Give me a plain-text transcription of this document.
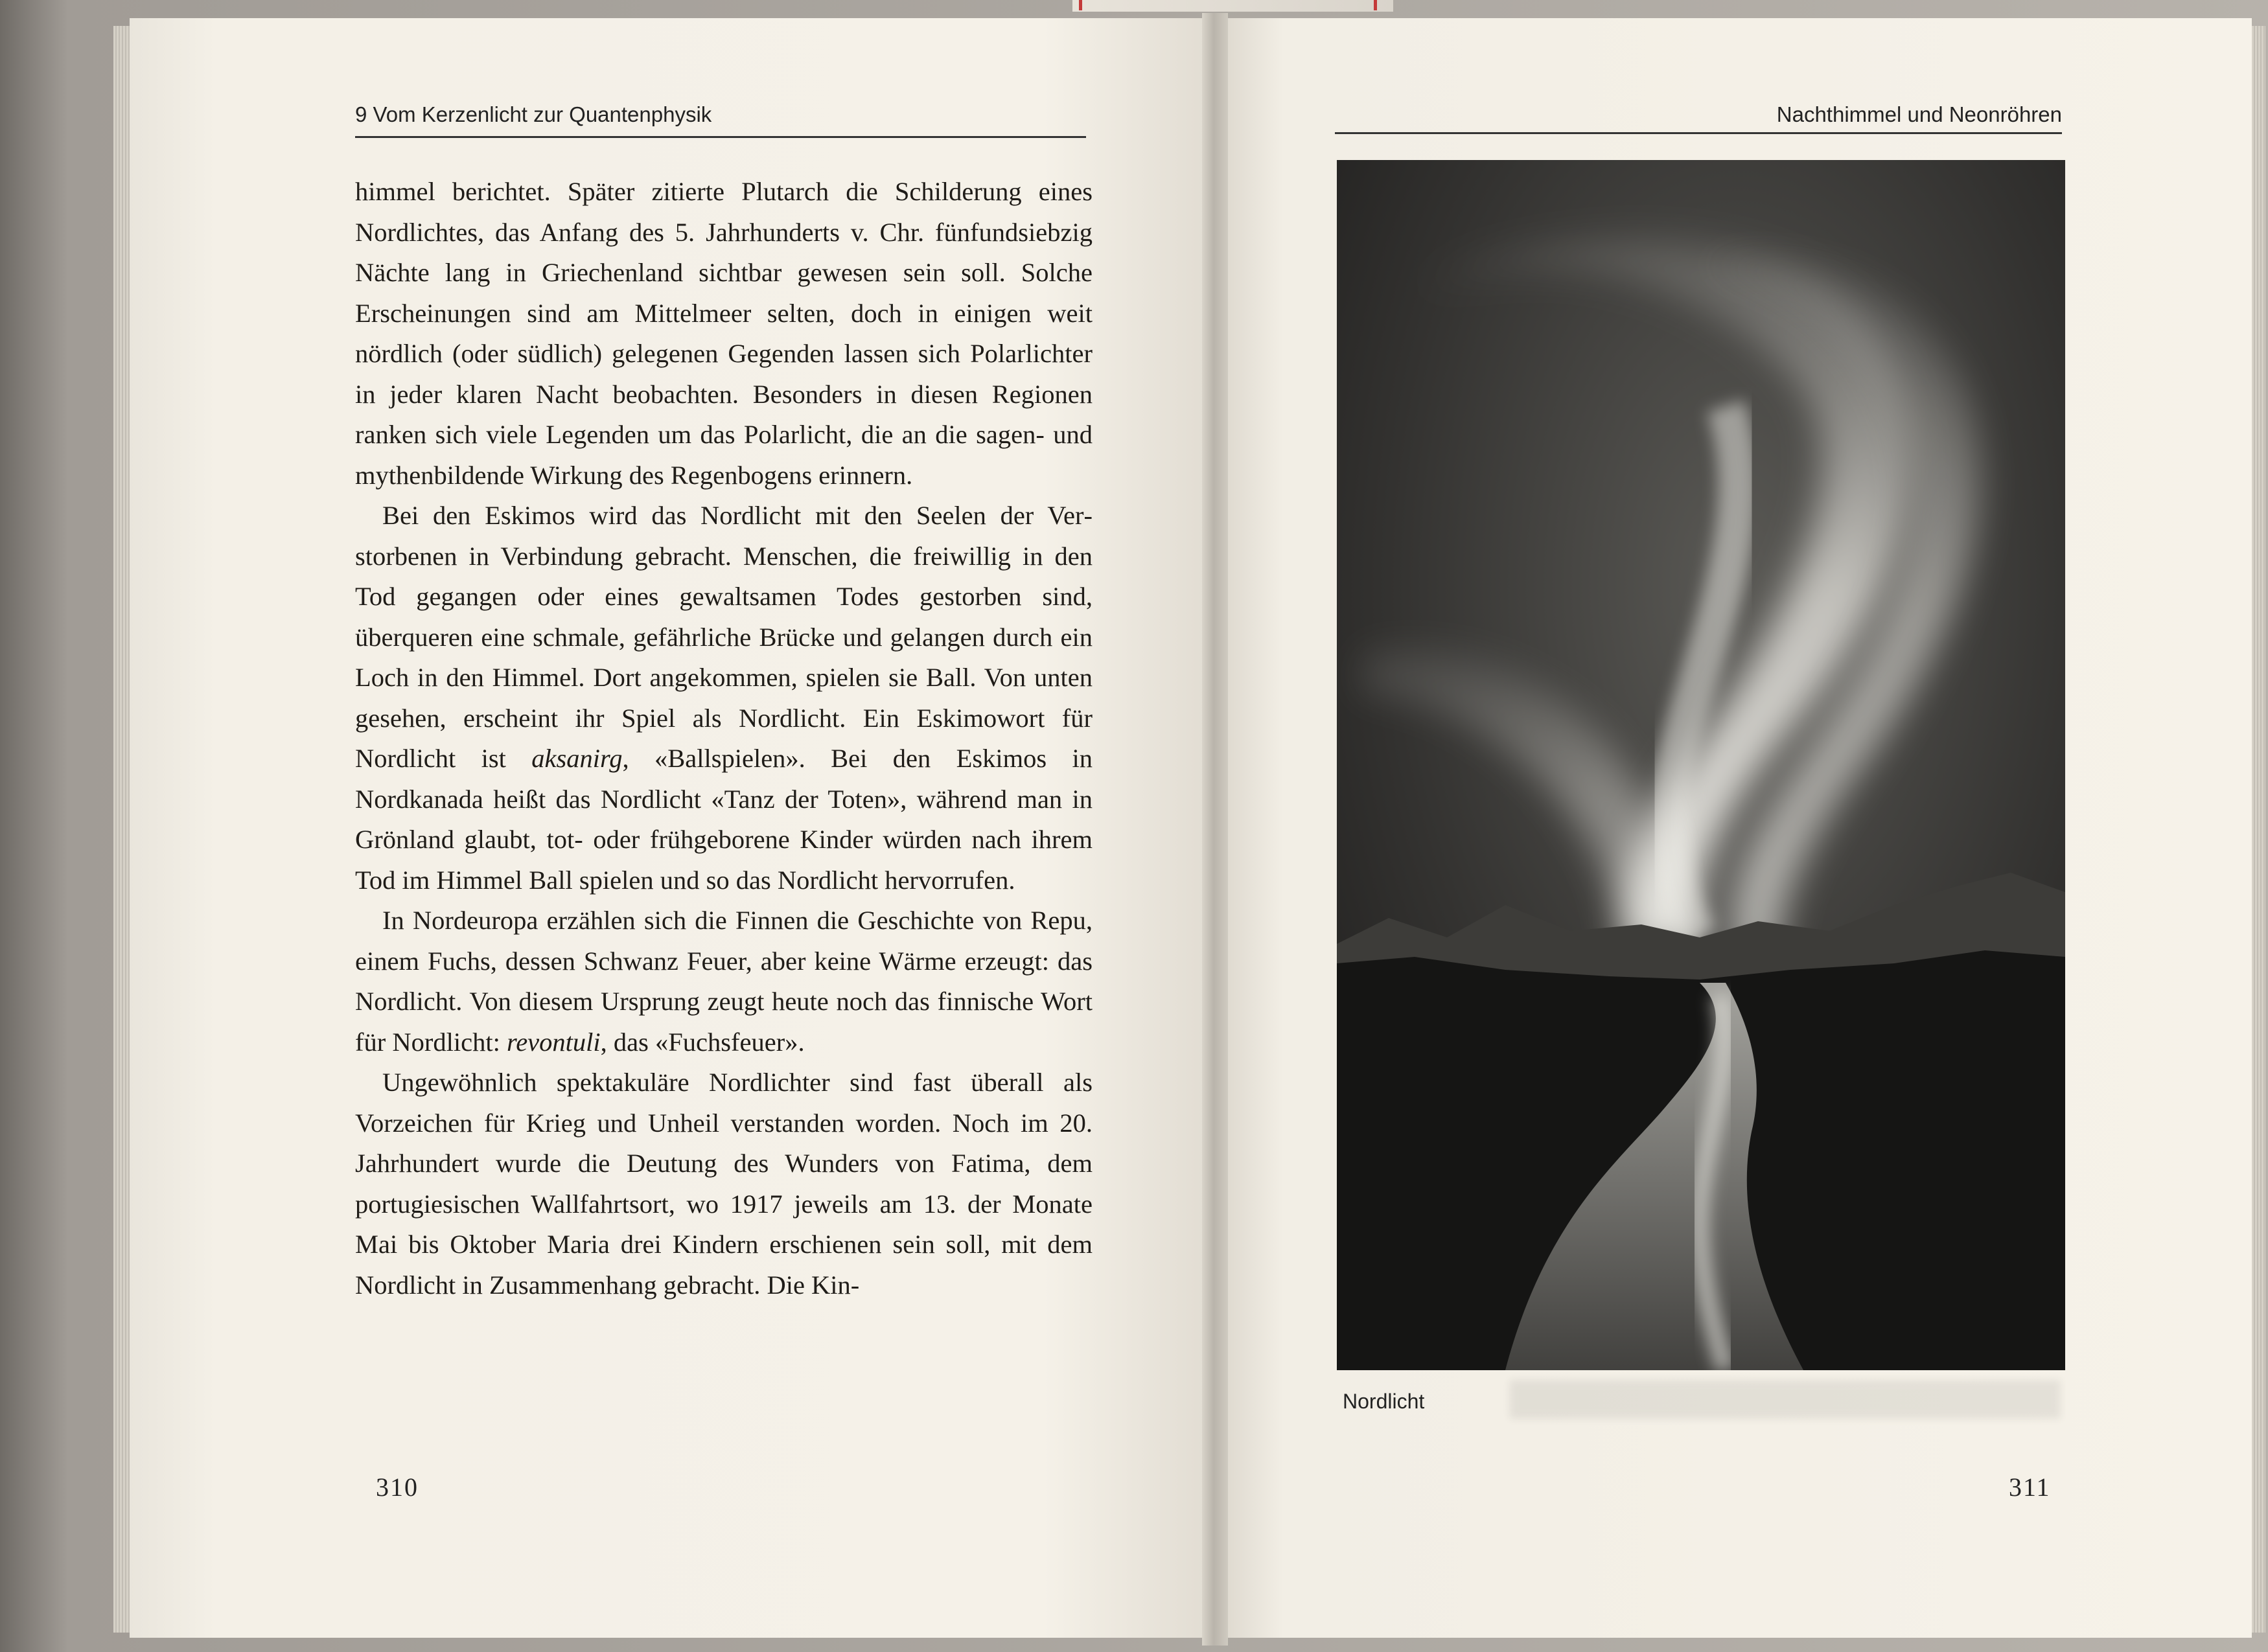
9 Vom Kerzenlicht zur Quantenphysik

himmel berichtet. Später zitierte Plutarch die Schilderung eines Nordlichtes, das Anfang des 5. Jahrhunderts v. Chr. fünfundsiebzig Nächte lang in Griechenland sichtbar gewesen sein soll. Solche Erscheinungen sind am Mittelmeer selten, doch in einigen weit nördlich (oder südlich) gelegenen Gegenden lassen sich Polarlichter in jeder klaren Nacht beobachten. Besonders in diesen Regionen ranken sich viele Legenden um das Polarlicht, die an die sagen- und mythenbildende Wirkung des Regenbogens erinnern.

Bei den Eskimos wird das Nordlicht mit den Seelen der Verstorbenen in Verbindung gebracht. Menschen, die freiwillig in den Tod gegangen oder eines gewaltsamen Todes gestorben sind, überqueren eine schmale, gefährliche Brücke und gelangen durch ein Loch in den Himmel. Dort angekommen, spielen sie Ball. Von unten gesehen, erscheint ihr Spiel als Nordlicht. Ein Eskimowort für Nordlicht ist aksanirg, «Ballspielen». Bei den Eskimos in Nordkanada heißt das Nordlicht «Tanz der Toten», während man in Grönland glaubt, tot- oder frühgeborene Kinder würden nach ihrem Tod im Himmel Ball spielen und so das Nordlicht hervorrufen.

In Nordeuropa erzählen sich die Finnen die Geschichte von Repu, einem Fuchs, dessen Schwanz Feuer, aber keine Wärme erzeugt: das Nordlicht. Von diesem Ursprung zeugt heute noch das finnische Wort für Nordlicht: revontuli, das «Fuchsfeuer».

Ungewöhnlich spektakuläre Nordlichter sind fast überall als Vorzeichen für Krieg und Unheil verstanden worden. Noch im 20. Jahrhundert wurde die Deutung des Wunders von Fatima, dem portugiesischen Wallfahrtsort, wo 1917 jeweils am 13. der Monate Mai bis Oktober Maria drei Kindern erschienen sein soll, mit dem Nordlicht in Zusammenhang gebracht. Die Kin-

310
Nachthimmel und Neonröhren
Nordlicht
311
